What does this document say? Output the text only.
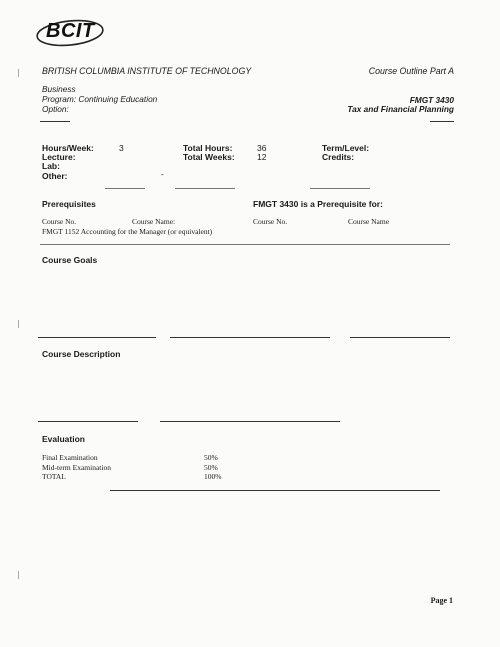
BCIT
BRITISH COLUMBIA INSTITUTE OF TECHNOLOGY	Course Outline Part A
Business
Program: Continuing Education
Option:
FMGT 3430
Tax and Financial Planning
Hours/Week:	3
Lecture:
Lab:
Other:	-
Total Hours:	36
Total Weeks:	12
Term/Level:
Credits:
Prerequisites	FMGT 3430 is a Prerequisite for:
Course No.	Course Name:	Course No.	Course Name
FMGT 1152 Accounting for the Manager (or equivalent)
Course Goals
Course Description
Evaluation
Final Examination	50%
Mid-term Examination	50%
TOTAL	100%
Page 1
